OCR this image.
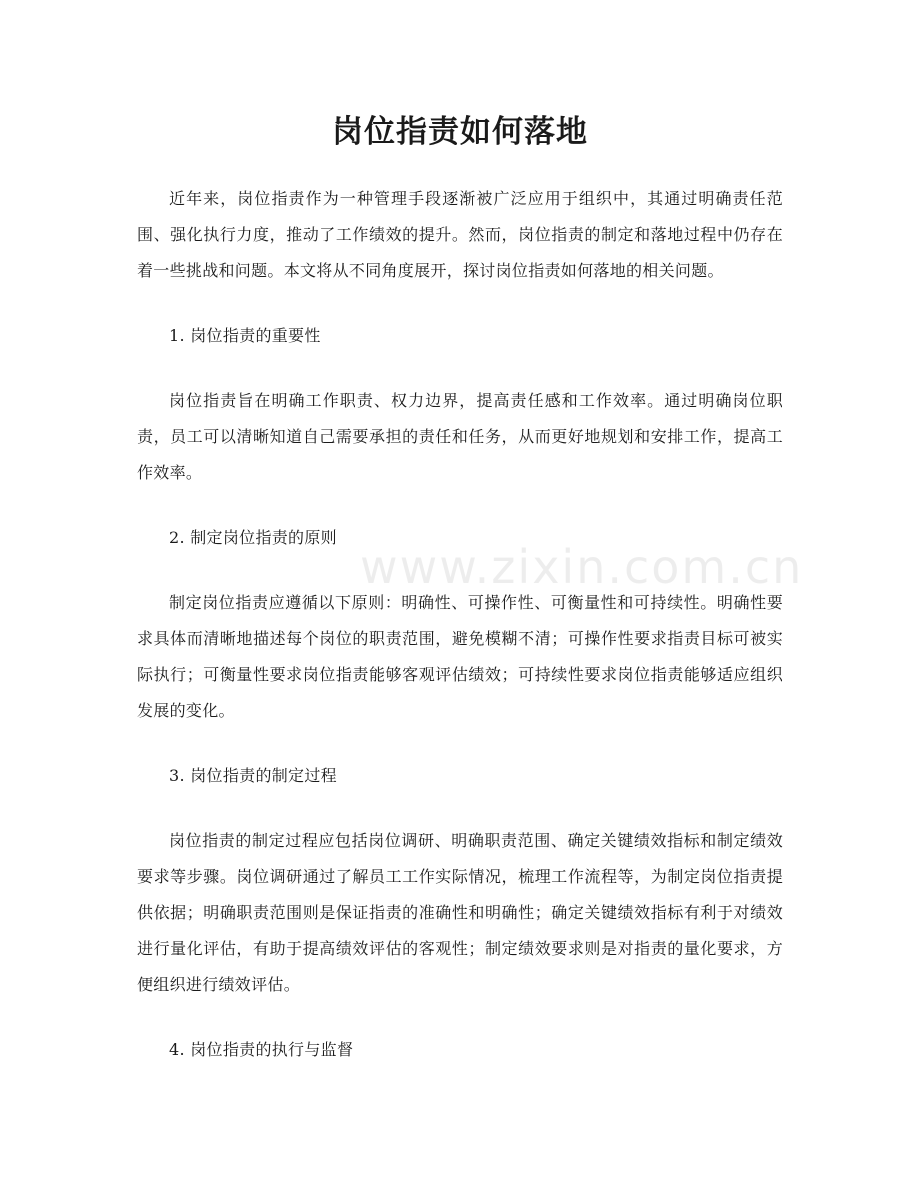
岗位指责如何落地

近年来，岗位指责作为一种管理手段逐渐被广泛应用于组织中，其通过明确责任范围、强化执行力度，推动了工作绩效的提升。然而，岗位指责的制定和落地过程中仍存在着一些挑战和问题。本文将从不同角度展开，探讨岗位指责如何落地的相关问题。

1. 岗位指责的重要性

岗位指责旨在明确工作职责、权力边界，提高责任感和工作效率。通过明确岗位职责，员工可以清晰知道自己需要承担的责任和任务，从而更好地规划和安排工作，提高工作效率。

2. 制定岗位指责的原则

制定岗位指责应遵循以下原则：明确性、可操作性、可衡量性和可持续性。明确性要求具体而清晰地描述每个岗位的职责范围，避免模糊不清；可操作性要求指责目标可被实际执行；可衡量性要求岗位指责能够客观评估绩效；可持续性要求岗位指责能够适应组织发展的变化。

3. 岗位指责的制定过程

岗位指责的制定过程应包括岗位调研、明确职责范围、确定关键绩效指标和制定绩效要求等步骤。岗位调研通过了解员工工作实际情况，梳理工作流程等，为制定岗位指责提供依据；明确职责范围则是保证指责的准确性和明确性；确定关键绩效指标有利于对绩效进行量化评估，有助于提高绩效评估的客观性；制定绩效要求则是对指责的量化要求，方便组织进行绩效评估。

4. 岗位指责的执行与监督

www.zixin.com.cn
